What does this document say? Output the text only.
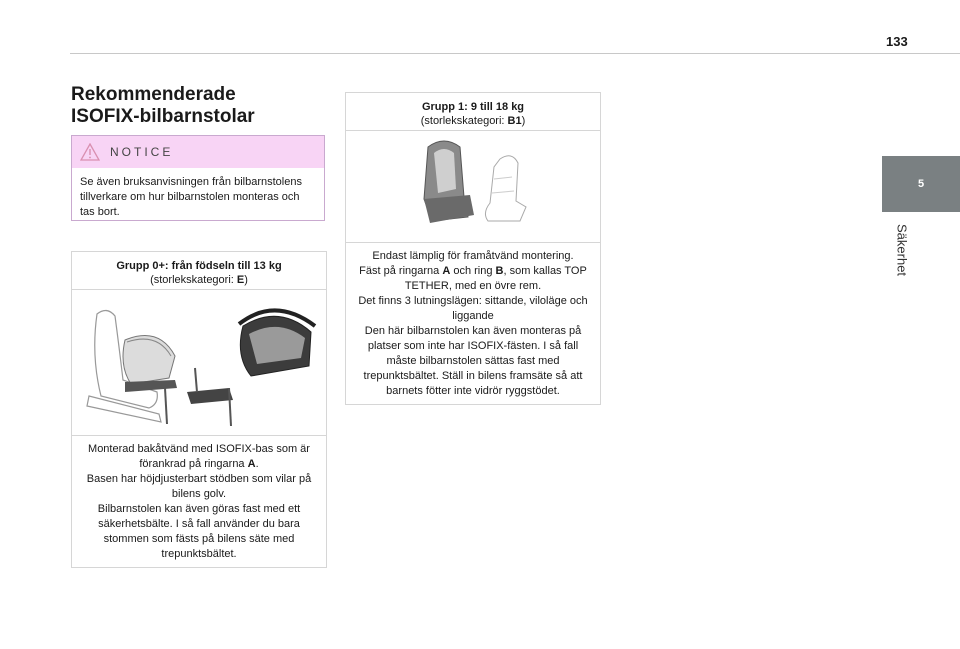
133
5
Säkerhet
Rekommenderade
ISOFIX-bilbarnstolar
NOTICE
Se även bruksanvisningen från bilbarnstolens tillverkare om hur bilbarnstolen monteras och tas bort.
Grupp 0+: från födseln till 13 kg
(storlekskategori: E)

Monterad bakåtvänd med ISOFIX-bas som är förankrad på ringarna A.

Basen har höjdjusterbart stödben som vilar på bilens golv.

Bilbarnstolen kan även göras fast med ett säkerhetsbälte. I så fall använder du bara stommen som fästs på bilens säte med trepunktsbältet.

Grupp 1: 9 till 18 kg
(storlekskategori: B1)

Endast lämplig för framåtvänd montering.

Fäst på ringarna A och ring B, som kallas TOP TETHER, med en övre rem.

Det finns 3 lutningslägen: sittande, viloläge och liggande

Den här bilbarnstolen kan även monteras på platser som inte har ISOFIX-fästen. I så fall måste bilbarnstolen sättas fast med trepunktsbältet. Ställ in bilens framsäte så att barnets fötter inte vidrör ryggstödet.
